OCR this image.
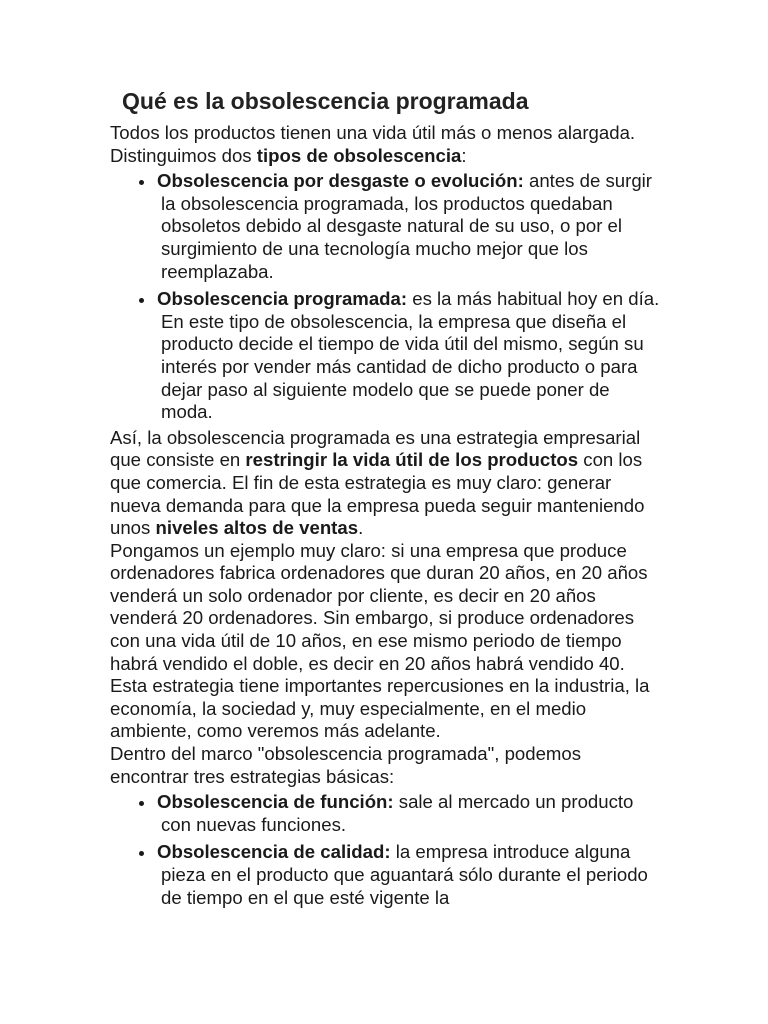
Qué es la obsolescencia programada

Todos los productos tienen una vida útil más o menos alargada. Distinguimos dos tipos de obsolescencia:

Obsolescencia por desgaste o evolución: antes de surgir la obsolescencia programada, los productos quedaban obsoletos debido al desgaste natural de su uso, o por el surgimiento de una tecnología mucho mejor que los reemplazaba.
Obsolescencia programada: es la más habitual hoy en día. En este tipo de obsolescencia, la empresa que diseña el producto decide el tiempo de vida útil del mismo, según su interés por vender más cantidad de dicho producto o para dejar paso al siguiente modelo que se puede poner de moda.

Así, la obsolescencia programada es una estrategia empresarial que consiste en restringir la vida útil de los productos con los que comercia. El fin de esta estrategia es muy claro: generar nueva demanda para que la empresa pueda seguir manteniendo unos niveles altos de ventas.

Pongamos un ejemplo muy claro: si una empresa que produce ordenadores fabrica ordenadores que duran 20 años, en 20 años venderá un solo ordenador por cliente, es decir en 20 años venderá 20 ordenadores. Sin embargo, si produce ordenadores con una vida útil de 10 años, en ese mismo periodo de tiempo habrá vendido el doble, es decir en 20 años habrá vendido 40.

Esta estrategia tiene importantes repercusiones en la industria, la economía, la sociedad y, muy especialmente, en el medio ambiente, como veremos más adelante.

Dentro del marco "obsolescencia programada", podemos encontrar tres estrategias básicas:

Obsolescencia de función: sale al mercado un producto con nuevas funciones.
Obsolescencia de calidad: la empresa introduce alguna pieza en el producto que aguantará sólo durante el periodo de tiempo en el que esté vigente la
